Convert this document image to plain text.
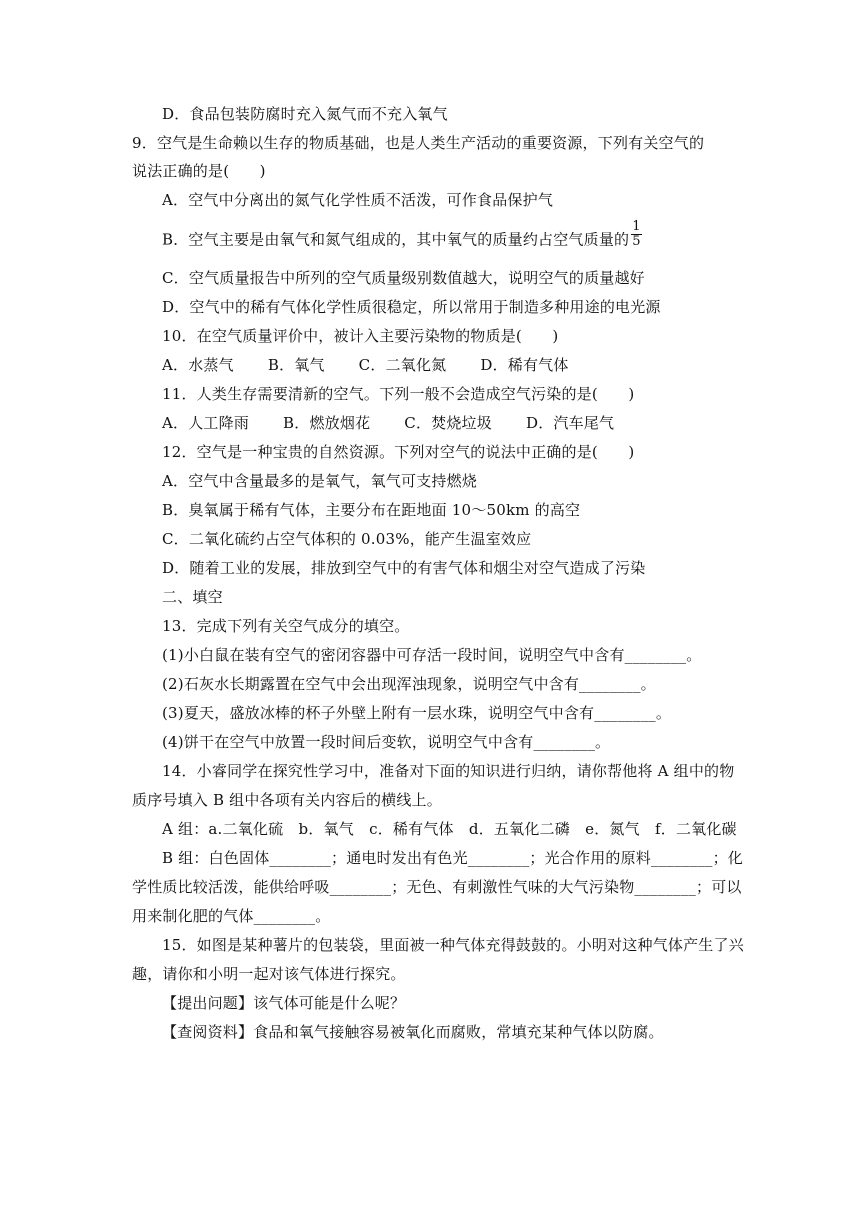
D．食品包装防腐时充入氮气而不充入氧气
9．空气是生命赖以生存的物质基础，也是人类生产活动的重要资源，下列有关空气的
说法正确的是(　　)
A．空气中分离出的氮气化学性质不活泼，可作食品保护气
B．空气主要是由氧气和氮气组成的，其中氧气的质量约占空气质量的 $\frac{1}{5}$
C．空气质量报告中所列的空气质量级别数值越大，说明空气的质量越好
D．空气中的稀有气体化学性质很稳定，所以常用于制造多种用途的电光源
10．在空气质量评价中，被计入主要污染物的物质是(　　)
A．水蒸气 B．氧气 C．二氧化氮 D．稀有气体
11．人类生存需要清新的空气。下列一般不会造成空气污染的是(　　)
A．人工降雨 B．燃放烟花 C．焚烧垃圾 D．汽车尾气
12．空气是一种宝贵的自然资源。下列对空气的说法中正确的是(　　)
A．空气中含量最多的是氧气，氧气可支持燃烧
B．臭氧属于稀有气体，主要分布在距地面 10～50km 的高空
C．二氧化硫约占空气体积的 0.03%，能产生温室效应
D．随着工业的发展，排放到空气中的有害气体和烟尘对空气造成了污染
二、填空
13．完成下列有关空气成分的填空。
(1)小白鼠在装有空气的密闭容器中可存活一段时间，说明空气中含有________。
(2)石灰水长期露置在空气中会出现浑浊现象，说明空气中含有________。
(3)夏天，盛放冰棒的杯子外壁上附有一层水珠，说明空气中含有________。
(4)饼干在空气中放置一段时间后变软，说明空气中含有________。
14．小睿同学在探究性学习中，准备对下面的知识进行归纳，请你帮他将 A 组中的物
质序号填入 B 组中各项有关内容后的横线上。
A 组：a.二氧化硫　b．氧气　c．稀有气体　d．五氧化二磷　e．氮气　f．二氧化碳
B 组：白色固体________；通电时发出有色光________；光合作用的原料________；化
学性质比较活泼，能供给呼吸________；无色、有刺激性气味的大气污染物________；可以
用来制化肥的气体________。
15．如图是某种薯片的包装袋，里面被一种气体充得鼓鼓的。小明对这种气体产生了兴
趣，请你和小明一起对该气体进行探究。
【提出问题】该气体可能是什么呢？
【查阅资料】食品和氧气接触容易被氧化而腐败，常填充某种气体以防腐。
